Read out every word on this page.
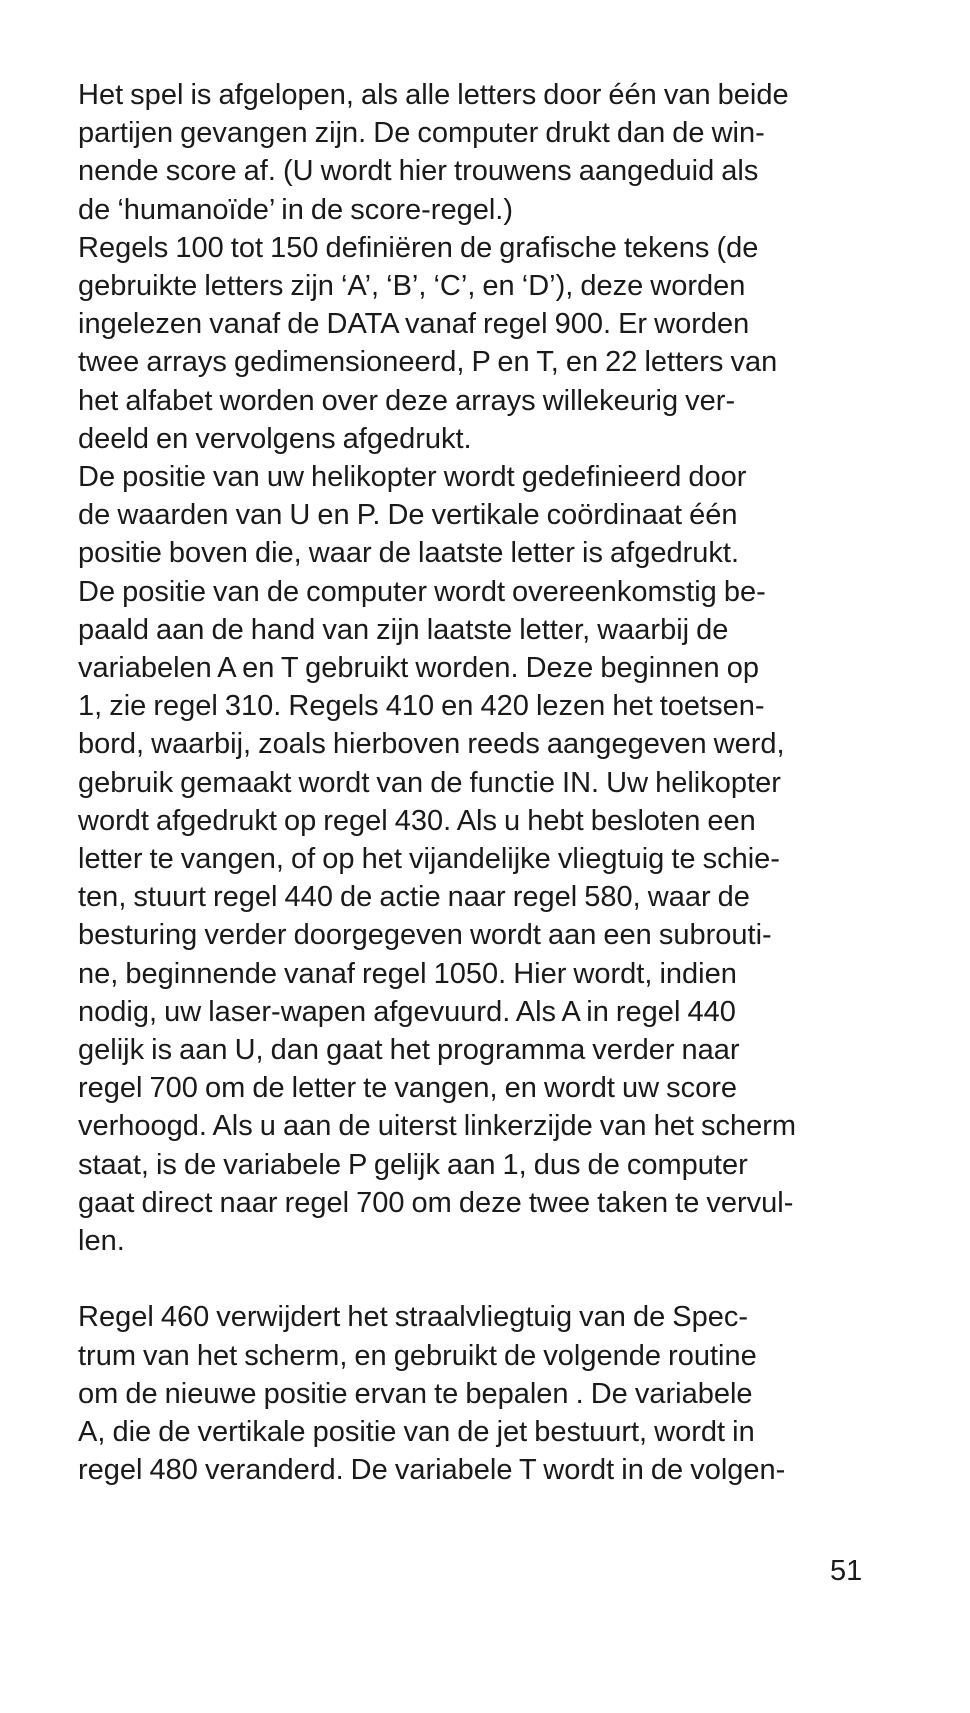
Het spel is afgelopen, als alle letters door één van beide
partijen gevangen zijn. De computer drukt dan de win-
nende score af. (U wordt hier trouwens aangeduid als
de ‘humanoïde’ in de score-regel.)

Regels 100 tot 150 definiëren de grafische tekens (de
gebruikte letters zijn ‘A’, ‘B’, ‘C’, en ‘D’), deze worden
ingelezen vanaf de DATA vanaf regel 900. Er worden
twee arrays gedimensioneerd, P en T, en 22 letters van
het alfabet worden over deze arrays willekeurig ver-
deeld en vervolgens afgedrukt.

De positie van uw helikopter wordt gedefinieerd door
de waarden van U en P. De vertikale coördinaat één
positie boven die, waar de laatste letter is afgedrukt.
De positie van de computer wordt overeenkomstig be-
paald aan de hand van zijn laatste letter, waarbij de
variabelen A en T gebruikt worden. Deze beginnen op
1, zie regel 310. Regels 410 en 420 lezen het toetsen-
bord, waarbij, zoals hierboven reeds aangegeven werd,
gebruik gemaakt wordt van de functie IN. Uw helikopter
wordt afgedrukt op regel 430. Als u hebt besloten een
letter te vangen, of op het vijandelijke vliegtuig te schie-
ten, stuurt regel 440 de actie naar regel 580, waar de
besturing verder doorgegeven wordt aan een subrouti-
ne, beginnende vanaf regel 1050. Hier wordt, indien
nodig, uw laser-wapen afgevuurd. Als A in regel 440
gelijk is aan U, dan gaat het programma verder naar
regel 700 om de letter te vangen, en wordt uw score
verhoogd. Als u aan de uiterst linkerzijde van het scherm
staat, is de variabele P gelijk aan 1, dus de computer
gaat direct naar regel 700 om deze twee taken te vervul-
len.

Regel 460 verwijdert het straalvliegtuig van de Spec-
trum van het scherm, en gebruikt de volgende routine
om de nieuwe positie ervan te bepalen . De variabele
A, die de vertikale positie van de jet bestuurt, wordt in
regel 480 veranderd. De variabele T wordt in de volgen-

51
